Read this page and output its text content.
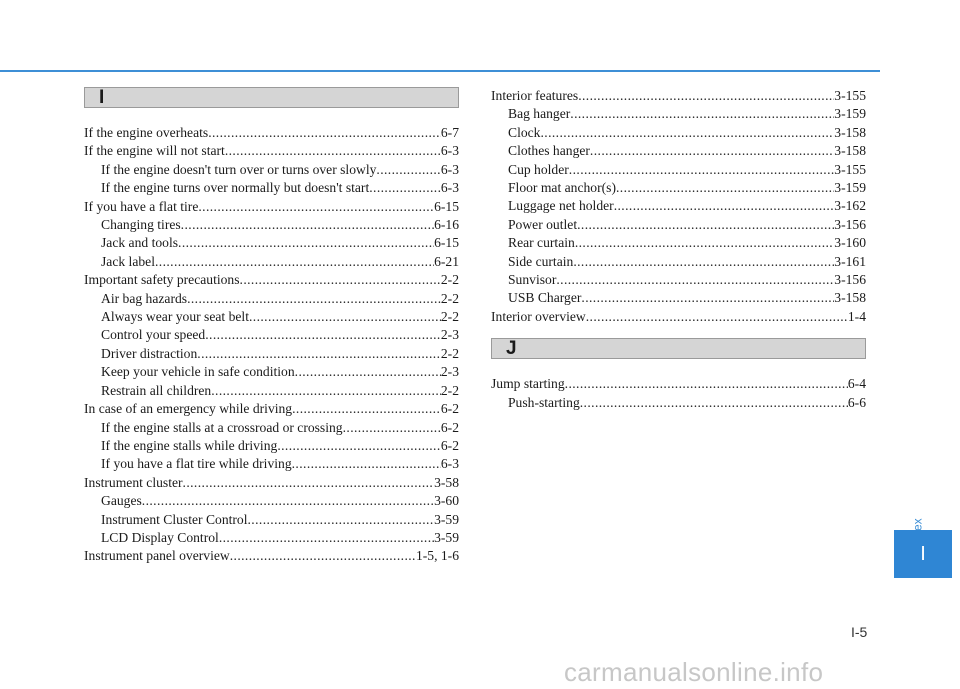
I
If the engine overheats .....	6-7
If the engine will not start .....	6-3
If the engine doesn't turn over or turns over slowly .....	6-3
If the engine turns over normally but doesn't start .....	6-3
If you have a flat tire .....	6-15
Changing tires .....	6-16
Jack and tools .....	6-15
Jack label .....	6-21
Important safety precautions .....	2-2
Air bag hazards .....	2-2
Always wear your seat belt .....	2-2
Control your speed .....	2-3
Driver distraction .....	2-2
Keep your vehicle in safe condition .....	2-3
Restrain all children .....	2-2
In case of an emergency while driving .....	6-2
If the engine stalls at a crossroad or crossing .....	6-2
If the engine stalls while driving .....	6-2
If you have a flat tire while driving .....	6-3
Instrument cluster .....	3-58
Gauges .....	3-60
Instrument Cluster Control .....	3-59
LCD Display Control .....	3-59
Instrument panel overview .....	1-5, 1-6
Interior features .....	3-155
Bag hanger .....	3-159
Clock .....	3-158
Clothes hanger .....	3-158
Cup holder .....	3-155
Floor mat anchor(s) .....	3-159
Luggage net holder .....	3-162
Power outlet .....	3-156
Rear curtain .....	3-160
Side curtain .....	3-161
Sunvisor .....	3-156
USB Charger .....	3-158
Interior overview .....	1-4
J
Jump starting .....	6-4
Push-starting .....	6-6
I
I-5
carmanualsonline.info
